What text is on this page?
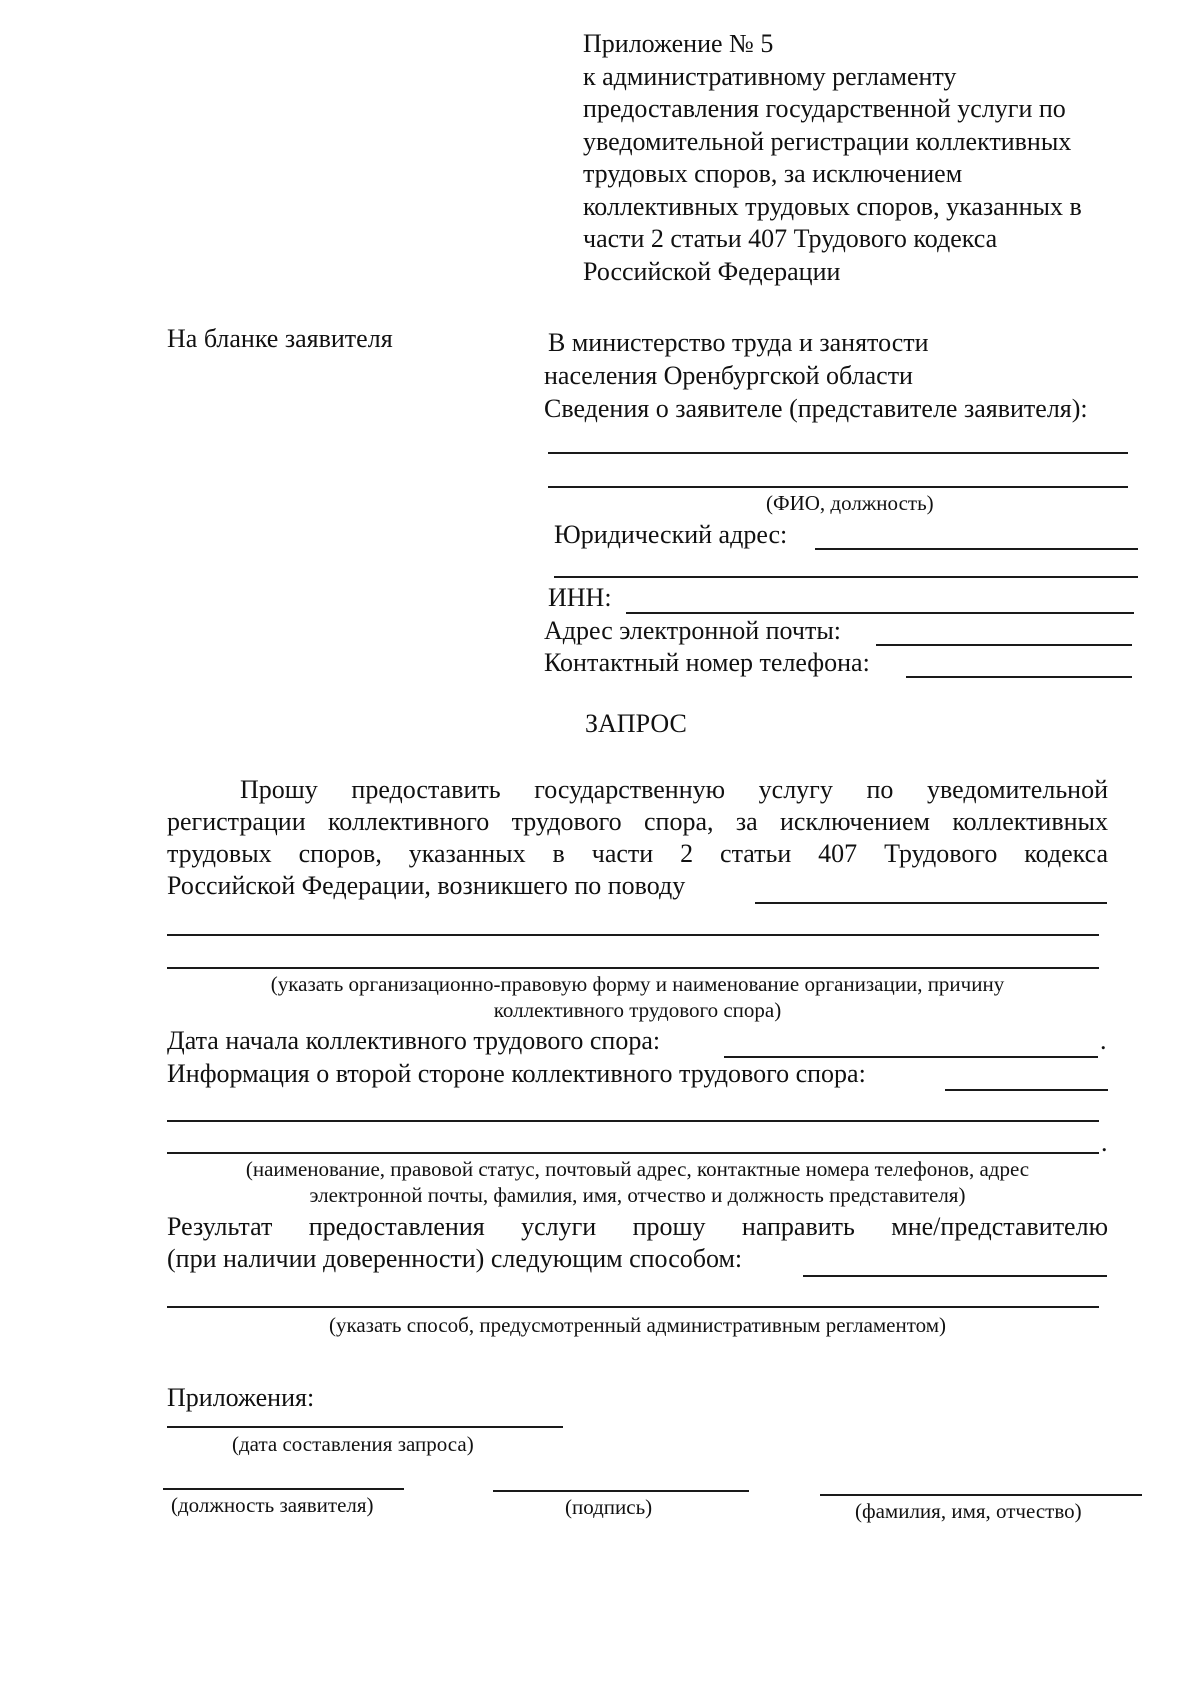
Приложение № 5
к административному регламенту
предоставления государственной услуги по
уведомительной регистрации коллективных
трудовых споров, за исключением
коллективных трудовых споров, указанных в
части 2 статьи 407 Трудового кодекса
Российской Федерации
На бланке заявителя	В министерство труда и занятости
населения Оренбургской области
Сведения о заявителе (представителе заявителя):
(ФИО, должность)
Юридический адрес:
ИНН:
Адрес электронной почты:
Контактный номер телефона:
ЗАПРОС
Прошу предоставить государственную услугу по уведомительной
регистрации коллективного трудового спора, за исключением коллективных
трудовых споров, указанных в части 2 статьи 407 Трудового кодекса
Российской Федерации, возникшего по поводу
(указать организационно-правовую форму и наименование организации, причину
коллективного трудового спора)
Дата начала коллективного трудового спора:	.
Информация о второй стороне коллективного трудового спора:
.
(наименование, правовой статус, почтовый адрес, контактные номера телефонов, адрес
электронной почты, фамилия, имя, отчество и должность представителя)
Результат предоставления услуги прошу направить мне/представителю
(при наличии доверенности) следующим способом:
(указать способ, предусмотренный административным регламентом)
Приложения:
(дата составления запроса)
(должность заявителя)	(подпись)	(фамилия, имя, отчество)
